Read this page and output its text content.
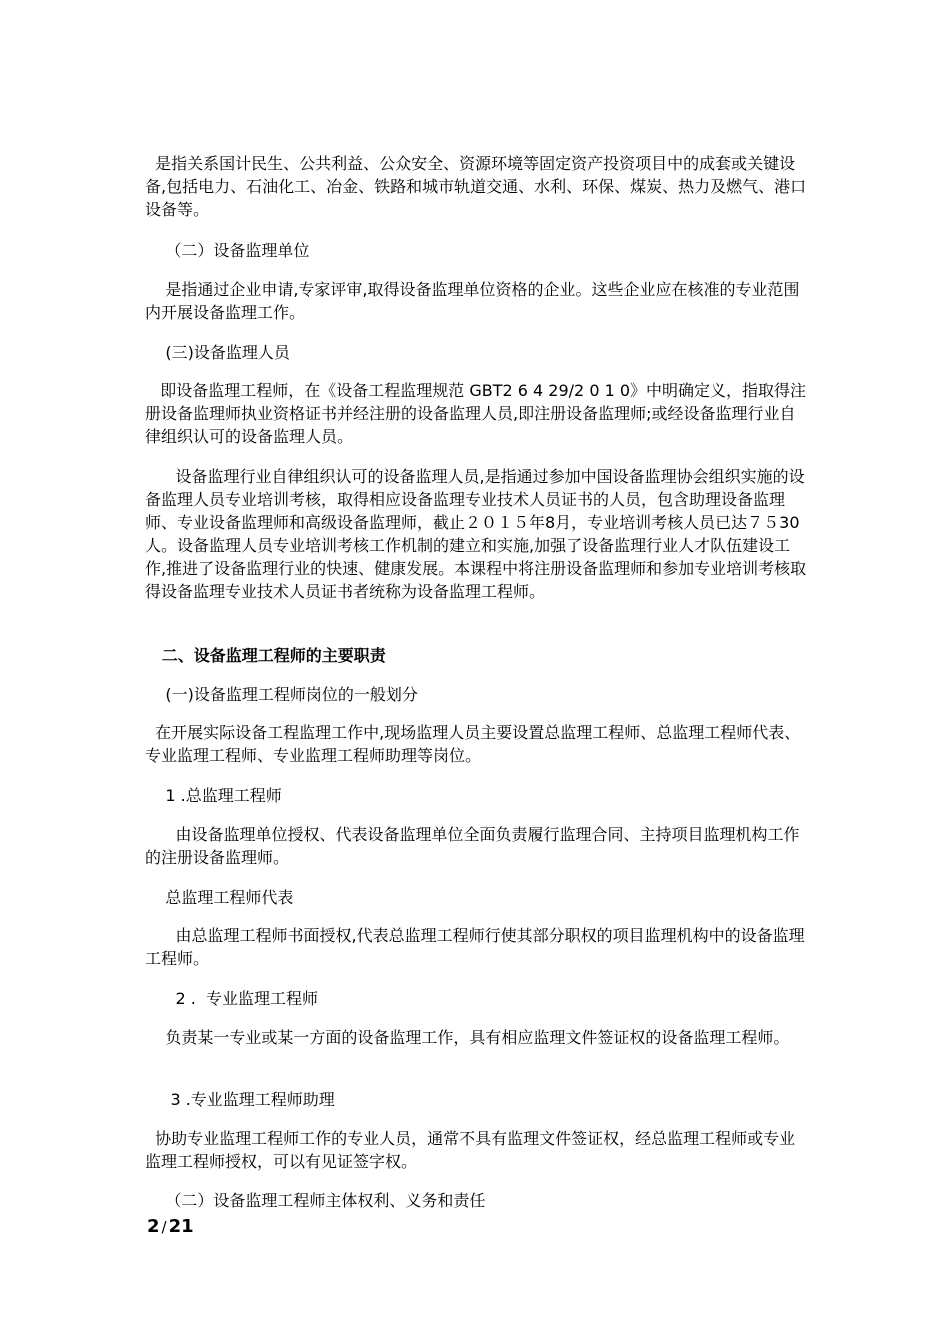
是指关系国计民生、公共利益、公众安全、资源环境等固定资产投资项目中的成套或关键设备,包括电力、石油化工、冶金、铁路和城市轨道交通、水利、环保、煤炭、热力及燃气、港口设备等。

（二）设备监理单位

是指通过企业申请,专家评审,取得设备监理单位资格的企业。这些企业应在核准的专业范围内开展设备监理工作。

(三)设备监理人员

即设备监理工程师，在《设备工程监理规范 GBT2 6 4 29/2 0 1 0》中明确定义，指取得注册设备监理师执业资格证书并经注册的设备监理人员,即注册设备监理师;或经设备监理行业自律组织认可的设备监理人员。

设备监理行业自律组织认可的设备监理人员,是指通过参加中国设备监理协会组织实施的设备监理人员专业培训考核，取得相应设备监理专业技术人员证书的人员，包含助理设备监理师、专业设备监理师和高级设备监理师，截止２０１５年8月，专业培训考核人员已达７５30人。设备监理人员专业培训考核工作机制的建立和实施,加强了设备监理行业人才队伍建设工作,推进了设备监理行业的快速、健康发展。本课程中将注册设备监理师和参加专业培训考核取得设备监理专业技术人员证书者统称为设备监理工程师。

二、设备监理工程师的主要职责

(一)设备监理工程师岗位的一般划分

在开展实际设备工程监理工作中,现场监理人员主要设置总监理工程师、总监理工程师代表、专业监理工程师、专业监理工程师助理等岗位。

1 .总监理工程师

由设备监理单位授权、代表设备监理单位全面负责履行监理合同、主持项目监理机构工作的注册设备监理师。

总监理工程师代表

由总监理工程师书面授权,代表总监理工程师行使其部分职权的项目监理机构中的设备监理工程师。

2 .  专业监理工程师

负责某一专业或某一方面的设备监理工作，具有相应监理文件签证权的设备监理工程师。

3 .专业监理工程师助理

协助专业监理工程师工作的专业人员，通常不具有监理文件签证权，经总监理工程师或专业监理工程师授权，可以有见证签字权。

（二）设备监理工程师主体权利、义务和责任

2 / 21
